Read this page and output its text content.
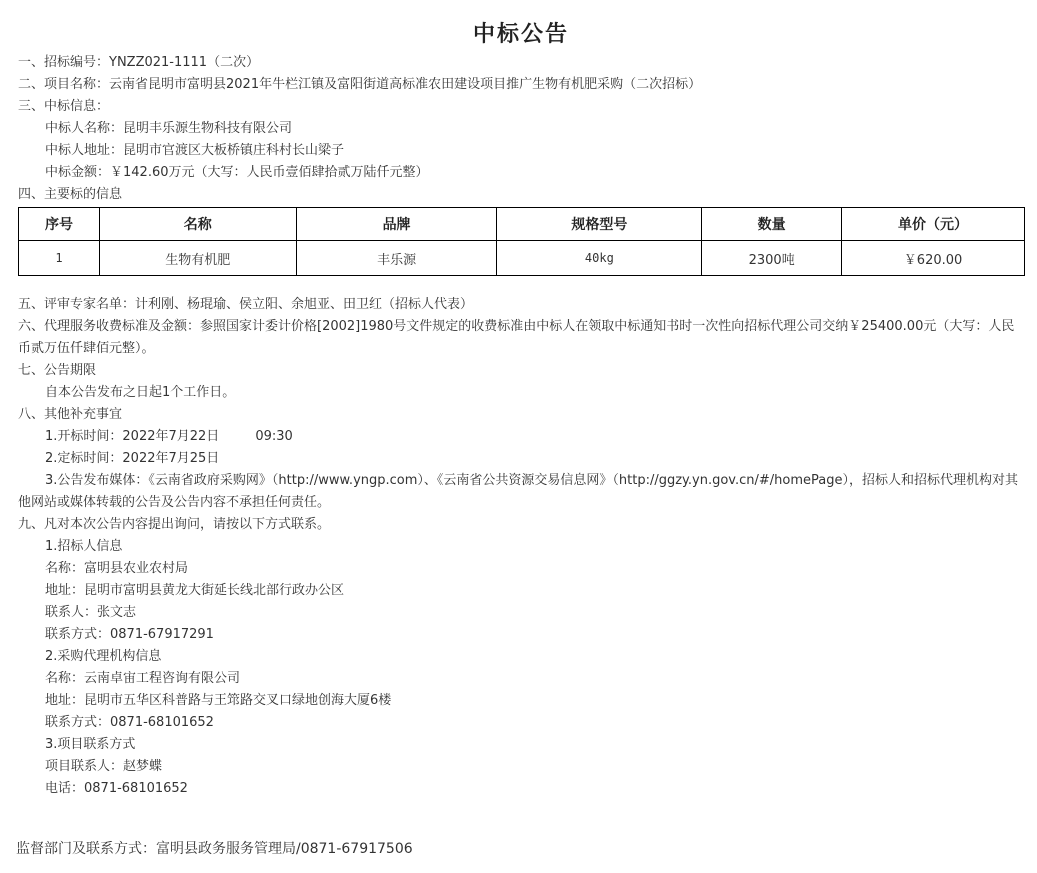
中标公告
一、招标编号：YNZZ021-1111（二次）
二、项目名称：云南省昆明市富明县2021年牛栏江镇及富阳街道高标准农田建设项目推广生物有机肥采购（二次招标）
三、中标信息：
中标人名称：昆明丰乐源生物科技有限公司
中标人地址：昆明市官渡区大板桥镇庄科村长山梁子
中标金额：￥142.60万元（大写：人民币壹佰肆拾贰万陆仟元整）
四、主要标的信息
序号	名称	品牌	规格型号	数量	单价（元）
1	生物有机肥	丰乐源	40kg	2300吨	￥620.00
五、评审专家名单：计利刚、杨琨瑜、侯立阳、余旭亚、田卫红（招标人代表）
六、代理服务收费标准及金额：参照国家计委计价格[2002]1980号文件规定的收费标准由中标人在领取中标通知书时一次性向招标代理公司交纳￥25400.00元（大写：人民币贰万伍仟肆佰元整）。
七、公告期限
自本公告发布之日起1个工作日。
八、其他补充事宜
1.开标时间：2022年7月22日	09:30
2.定标时间：2022年7月25日
3.公告发布媒体：《云南省政府采购网》（http://www.yngp.com）、《云南省公共资源交易信息网》（http://ggzy.yn.gov.cn/#/homePage），招标人和招标代理机构对其他网站或媒体转载的公告及公告内容不承担任何责任。
九、凡对本次公告内容提出询问，请按以下方式联系。
1.招标人信息
名称：富明县农业农村局
地址：昆明市富明县黄龙大街延长线北部行政办公区
联系人：张文志
联系方式：0871-67917291
2.采购代理机构信息
名称：云南卓宙工程咨询有限公司
地址：昆明市五华区科普路与王筇路交叉口绿地创海大厦6楼
联系方式：0871-68101652
3.项目联系方式
项目联系人：赵梦蝶
电话：0871-68101652
监督部门及联系方式：富明县政务服务管理局/0871-67917506
